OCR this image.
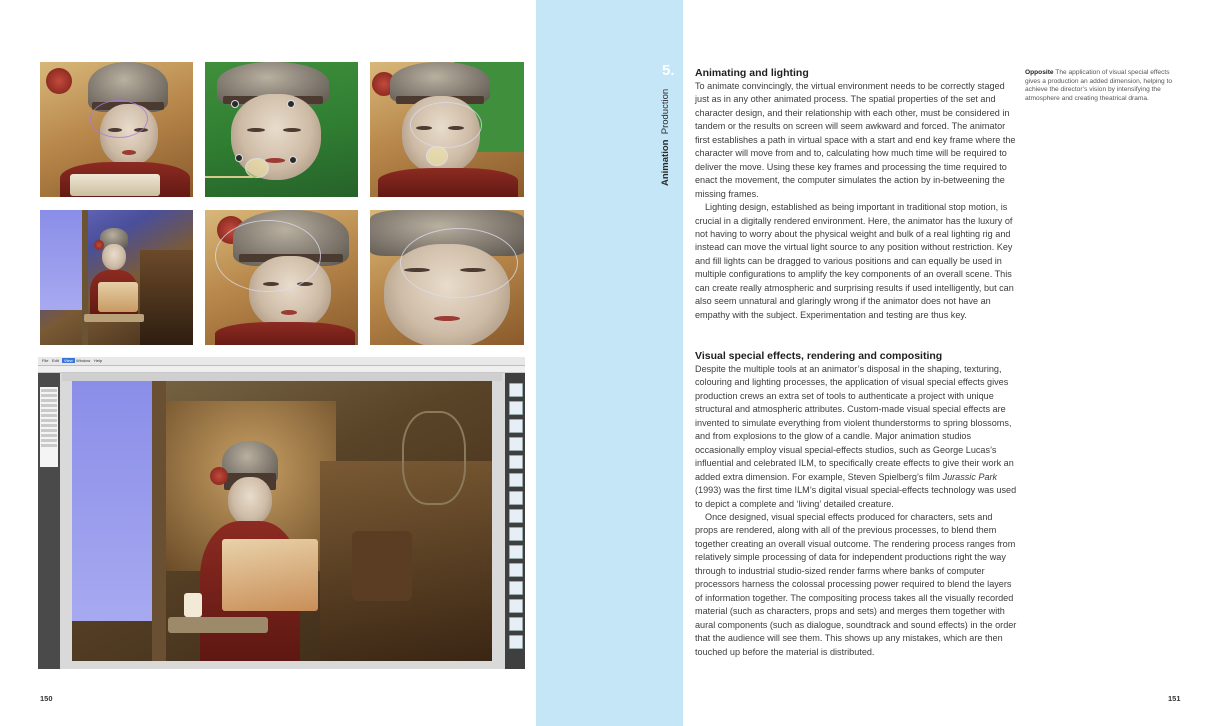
File Edit	View Window Help
150
5.
Animation  Production
Animating and lighting

To animate convincingly, the virtual environment needs to be correctly staged just as in any other animated process. The spatial properties of the set and character design, and their relationship with each other, must be considered in tandem or the results on screen will seem awkward and forced. The animator first establishes a path in virtual space with a start and end key frame where the character will move from and to, calculating how much time will be required to deliver the move. Using these key frames and processing the time required to enact the movement, the computer simulates the action by in-betweening the missing frames.

Lighting design, established as being important in traditional stop motion, is crucial in a digitally rendered environment. Here, the animator has the luxury of not having to worry about the physical weight and bulk of a real lighting rig and instead can move the virtual light source to any position without restriction. Key and fill lights can be dragged to various positions and can equally be used in multiple configurations to amplify the key components of an overall scene. This can create really atmospheric and surprising results if used intelligently, but can also seem unnatural and glaringly wrong if the animator does not have an empathy with the subject. Experimentation and testing are thus key.

Visual special effects, rendering and compositing

Despite the multiple tools at an animator’s disposal in the shaping, texturing, colouring and lighting processes, the application of visual special effects gives production crews an extra set of tools to authenticate a project with unique structural and atmospheric attributes. Custom-made visual special effects are invented to simulate everything from violent thunderstorms to spring blossoms, and from explosions to the glow of a candle. Major animation studios occasionally employ visual special-effects studios, such as George Lucas’s influential and celebrated ILM, to specifically create effects to give their work an added extra dimension. For example, Steven Spielberg’s film Jurassic Park (1993) was the first time ILM’s digital visual special-effects technology was used to depict a complete and ‘living’ detailed creature.

Once designed, visual special effects produced for characters, sets and props are rendered, along with all of the previous processes, to blend them together creating an overall visual outcome. The rendering process ranges from relatively simple processing of data for independent productions right the way through to industrial studio-sized render farms where banks of computer processors harness the colossal processing power required to blend the layers of information together. The compositing process takes all the visually recorded material (such as characters, props and sets) and merges them together with aural components (such as dialogue, soundtrack and sound effects) in the order that the audience will see them. This shows up any mistakes, which are then touched up before the material is distributed.

Opposite The application of visual special effects gives a production an added dimension, helping to achieve the director’s vision by intensifying the atmosphere and creating theatrical drama.
151
